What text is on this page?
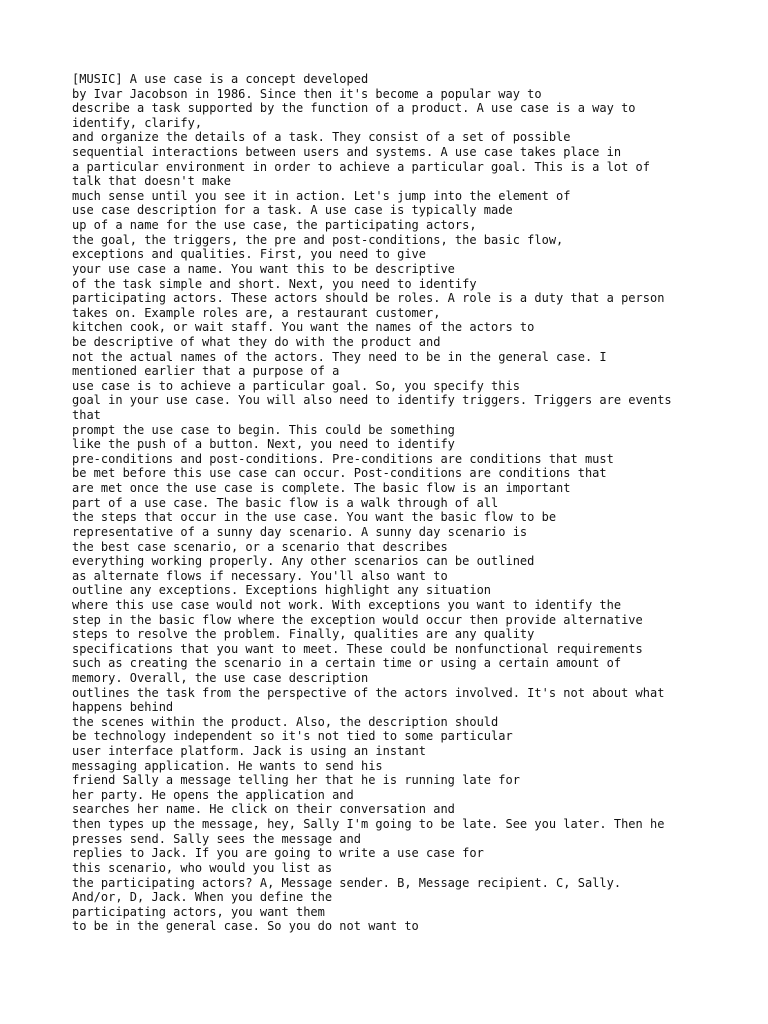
[MUSIC] A use case is a concept developed

by Ivar Jacobson in 1986. Since then it's become a popular way to

describe a task supported by the function of a product. A use case is a way to

identify, clarify,

and organize the details of a task. They consist of a set of possible

sequential interactions between users and systems. A use case takes place in

a particular environment in order to achieve a particular goal. This is a lot of

talk that doesn't make

much sense until you see it in action. Let's jump into the element of

use case description for a task. A use case is typically made

up of a name for the use case, the participating actors,

the goal, the triggers, the pre and post-conditions, the basic flow,

exceptions and qualities. First, you need to give

your use case a name. You want this to be descriptive

of the task simple and short. Next, you need to identify

participating actors. These actors should be roles. A role is a duty that a person

takes on. Example roles are, a restaurant customer,

kitchen cook, or wait staff. You want the names of the actors to

be descriptive of what they do with the product and

not the actual names of the actors. They need to be in the general case. I

mentioned earlier that a purpose of a

use case is to achieve a particular goal. So, you specify this

goal in your use case. You will also need to identify triggers. Triggers are events

that

prompt the use case to begin. This could be something

like the push of a button. Next, you need to identify

pre-conditions and post-conditions. Pre-conditions are conditions that must

be met before this use case can occur. Post-conditions are conditions that

are met once the use case is complete. The basic flow is an important

part of a use case. The basic flow is a walk through of all

the steps that occur in the use case. You want the basic flow to be

representative of a sunny day scenario. A sunny day scenario is

the best case scenario, or a scenario that describes

everything working properly. Any other scenarios can be outlined

as alternate flows if necessary. You'll also want to

outline any exceptions. Exceptions highlight any situation

where this use case would not work. With exceptions you want to identify the

step in the basic flow where the exception would occur then provide alternative

steps to resolve the problem. Finally, qualities are any quality

specifications that you want to meet. These could be nonfunctional requirements

such as creating the scenario in a certain time or using a certain amount of

memory. Overall, the use case description

outlines the task from the perspective of the actors involved. It's not about what

happens behind

the scenes within the product. Also, the description should

be technology independent so it's not tied to some particular

user interface platform. Jack is using an instant

messaging application. He wants to send his

friend Sally a message telling her that he is running late for

her party. He opens the application and

searches her name. He click on their conversation and

then types up the message, hey, Sally I'm going to be late. See you later. Then he

presses send. Sally sees the message and

replies to Jack. If you are going to write a use case for

this scenario, who would you list as

the participating actors? A, Message sender. B, Message recipient. C, Sally.

And/or, D, Jack. When you define the

participating actors, you want them

to be in the general case. So you do not want to
